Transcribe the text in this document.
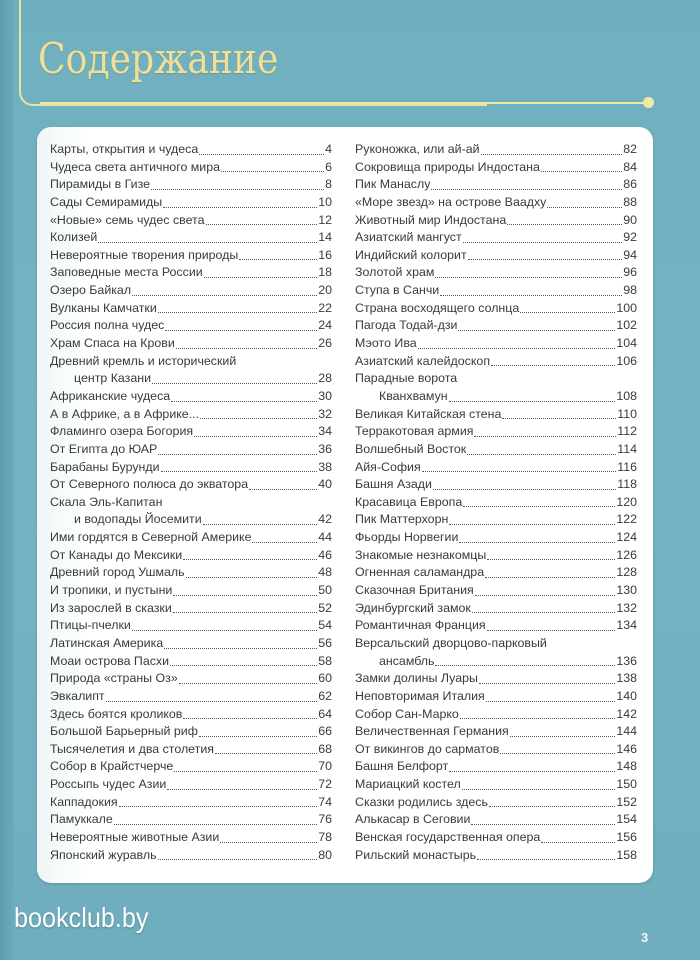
Содержание
Карты, открытия и чудеса	4
Чудеса света античного мира	6
Пирамиды в Гизе	8
Сады Семирамиды	10
«Новые» семь чудес света	12
Колизей	14
Невероятные творения природы	16
Заповедные места России	18
Озеро Байкал	20
Вулканы Камчатки	22
Россия полна чудес	24
Храм Спаса на Крови	26
Древний кремль и исторический
центр Казани	28
Африканские чудеса	30
А в Африке, а в Африке...	32
Фламинго озера Богория	34
От Египта до ЮАР	36
Барабаны Бурунди	38
От Северного полюса до экватора	40
Скала Эль-Капитан
и водопады Йосемити	42
Ими гордятся в Северной Америке	44
От Канады до Мексики	46
Древний город Ушмаль	48
И тропики, и пустыни	50
Из зарослей в сказки	52
Птицы-пчелки	54
Латинская Америка	56
Моаи острова Пасхи	58
Природа «страны Оз»	60
Эвкалипт	62
Здесь боятся кроликов	64
Большой Барьерный риф	66
Тысячелетия и два столетия	68
Собор в Крайстчерче	70
Россыпь чудес Азии	72
Каппадокия	74
Памуккале	76
Невероятные животные Азии	78
Японский журавль	80
Руконожка, или ай-ай	82
Сокровища природы Индостана	84
Пик Манаслу	86
«Море звезд» на острове Ваадху	88
Животный мир Индостана	90
Азиатский мангуст	92
Индийский колорит	94
Золотой храм	96
Ступа в Санчи	98
Страна восходящего солнца	100
Пагода Тодай-дзи	102
Мэото Ива	104
Азиатский калейдоскоп	106
Парадные ворота
Кванхвамун	108
Великая Китайская стена	110
Терракотовая армия	112
Волшебный Восток	114
Айя-София	116
Башня Азади	118
Красавица Европа	120
Пик Маттерхорн	122
Фьорды Норвегии	124
Знакомые незнакомцы	126
Огненная саламандра	128
Сказочная Британия	130
Эдинбургский замок	132
Романтичная Франция	134
Версальский дворцово-парковый
ансамбль	136
Замки долины Луары	138
Неповторимая Италия	140
Собор Сан-Марко	142
Величественная Германия	144
От викингов до сарматов	146
Башня Белфорт	148
Мариацкий костел	150
Сказки родились здесь	152
Алькасар в Сеговии	154
Венская государственная опера	156
Рильский монастырь	158
bookclub.by
3
